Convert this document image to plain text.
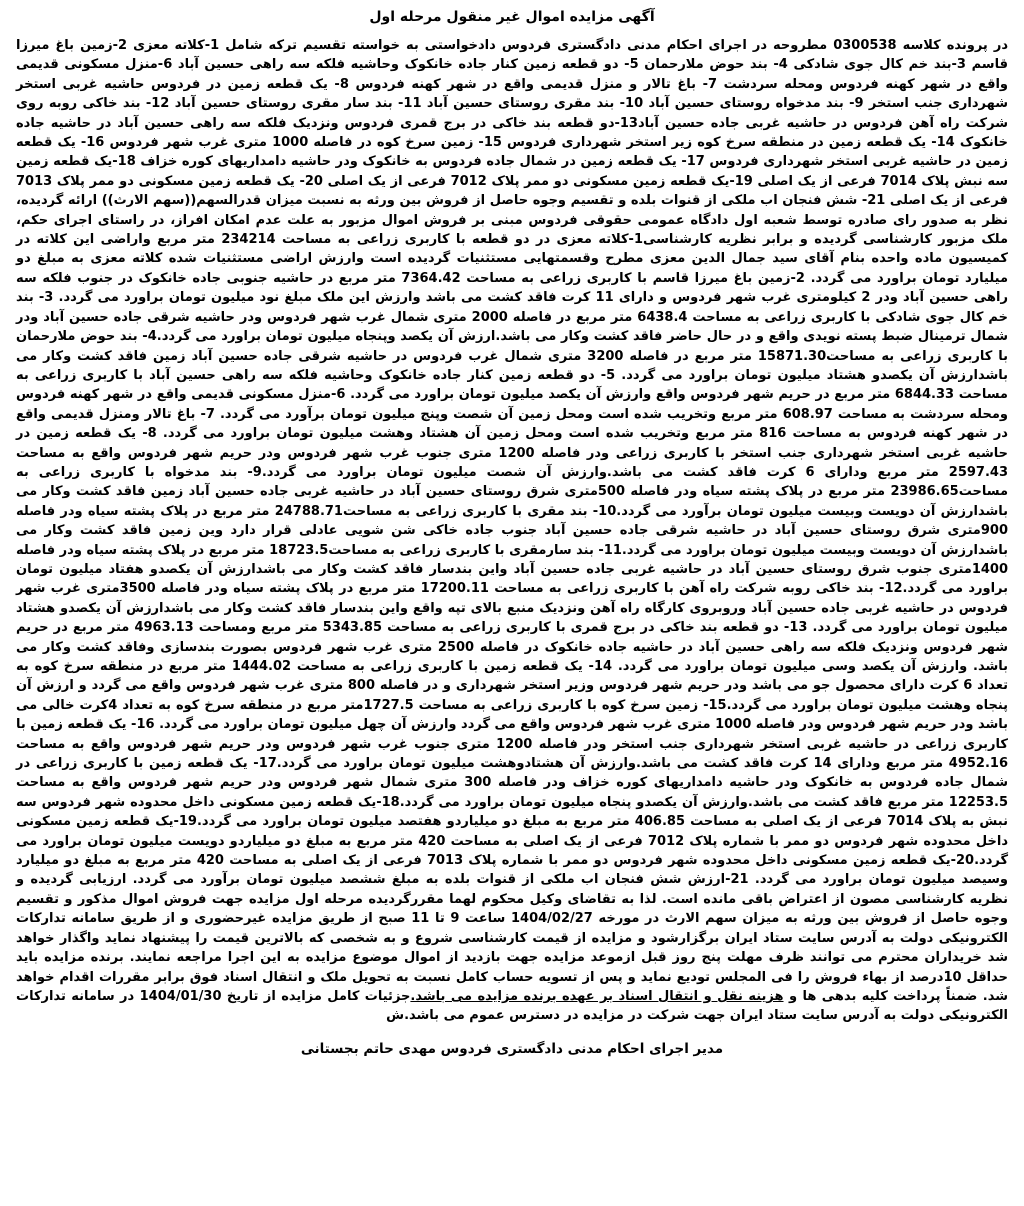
آگهی مزایده اموال غیر منقول مرحله اول

در پرونده کلاسه 0300538 مطروحه در اجرای احکام مدنی دادگستری فردوس دادخواستی به خواسته تقسیم ترکه شامل 1-کلاته معزی 2-زمین باغ میرزا قاسم 3-بند خم کال جوی شادکی 4- بند حوض ملارحمان 5- دو قطعه زمین کنار جاده خانکوک وحاشیه فلکه سه راهی حسین آباد 6-منزل مسکونی قدیمی واقع در شهر کهنه فردوس ومحله سردشت 7- باغ تالار و منزل قدیمی واقع در شهر کهنه فردوس 8- یک قطعه زمین در فردوس حاشیه غربی استخر شهرداری جنب استخر 9- بند مدخواه روستای حسین آباد 10- بند مقری روستای حسین آباد 11- بند سار مقری روستای حسین آباد 12- بند خاکی روبه روی شرکت راه آهن فردوس در حاشیه غربی جاده حسین آباد13-دو قطعه بند خاکی در برج قمری فردوس ونزدیک فلکه سه راهی حسین آباد در حاشیه جاده خانکوک 14- یک قطعه زمین در منطقه سرخ کوه زیر استخر شهرداری فردوس 15- زمین سرخ کوه در فاصله 1000 متری غرب شهر فردوس 16- یک قطعه زمین در حاشیه غربی استخر شهرداری فردوس 17- یک قطعه زمین در شمال جاده فردوس به خانکوک ودر حاشیه دامداریهای کوره خزاف 18-یک قطعه زمین سه نبش پلاک 7014 فرعی از یک اصلی 19-یک قطعه زمین مسکونی دو ممر پلاک 7012 فرعی از یک اصلی 20- یک قطعه زمین مسکونی دو ممر پلاک 7013 فرعی از یک اصلی 21- شش فنجان اب ملکی از قنوات بلده و تقسیم وجوه حاصل از فروش بین ورثه به نسبت میزان قدرالسهم((سهم الارث)) ارائه گردیده، نظر به صدور رای صادره توسط شعبه اول دادگاه عمومی حقوقی فردوس مبنی بر فروش اموال مزبور به علت عدم امکان افراز، در راستای اجرای حکم، ملک مزبور کارشناسی گردیده و برابر نظریه کارشناسی1-کلاته معزی در دو قطعه با کاربری زراعی به مساحت 234214 متر مربع واراضی این کلاته در کمیسیون ماده واحده بنام آقای سید جمال الدین معزی مطرح وقسمتهایی مستثنیات گردیده است وارزش اراضی مستثنیات شده کلاته معزی به مبلغ دو میلیارد تومان براورد می گردد. 2-زمین باغ میرزا قاسم با کاربری زراعی به مساحت 7364.42 متر مربع در حاشیه جنوبی جاده خانکوک در جنوب فلکه سه راهی حسین آباد ودر 2 کیلومتری غرب شهر فردوس و دارای 11 کرت فاقد کشت می باشد وارزش این ملک مبلغ نود میلیون تومان براورد می گردد. 3- بند خم کال جوی شادکی با کاربری زراعی به مساحت 6438.4 متر مربع در فاصله 2000 متری شمال غرب شهر فردوس ودر حاشیه شرقی جاده حسین آباد ودر شمال ترمینال ضبط پسته نویدی واقع و در حال حاضر فاقد کشت وکار می باشد.ارزش آن یکصد وپنجاه میلیون تومان براورد می گردد.4- بند حوض ملارحمان با کاربری زراعی به مساحت15871.30 متر مربع در فاصله 3200 متری شمال غرب فردوس در حاشیه شرقی جاده حسین آباد زمین فاقد کشت وکار می باشدارزش آن یکصدو هشتاد میلیون تومان براورد می گردد. 5- دو قطعه زمین کنار جاده خانکوک وحاشیه فلکه سه راهی حسین آباد با کاربری زراعی به مساحت 6844.33 متر مربع در حریم شهر فردوس واقع وارزش آن یکصد میلیون تومان براورد می گردد. 6-منزل مسکونی قدیمی واقع در شهر کهنه فردوس ومحله سردشت به مساحت 608.97 متر مربع وتخریب شده است ومحل زمین آن شصت وپنج میلیون تومان برآورد می گردد. 7- باغ تالار ومنزل قدیمی واقع در شهر کهنه فردوس به مساحت 816 متر مربع وتخریب شده است ومحل زمین آن هشتاد وهشت میلیون تومان براورد می گردد. 8- یک قطعه زمین در حاشیه غربی استخر شهرداری جنب استخر با کاربری زراعی ودر فاصله 1200 متری جنوب غرب شهر فردوس ودر حریم شهر فردوس واقع به مساحت 2597.43 متر مربع ودارای 6 کرت فاقد کشت می باشد.وارزش آن شصت میلیون تومان براورد می گردد.9- بند مدخواه با کاربری زراعی به مساحت23986.65 متر مربع در پلاک پشته سیاه ودر فاصله 500متری شرق روستای حسین آباد در حاشیه غربی جاده حسین آباد زمین فاقد کشت وکار می باشدارزش آن دویست وبیست میلیون تومان برآورد می گردد.10- بند مقری با کاربری زراعی به مساحت24788.71 متر مربع در پلاک پشته سیاه ودر فاصله 900متری شرق روستای حسین آباد در حاشیه شرقی جاده حسین آباد جنوب جاده خاکی شن شویی عادلی قرار دارد وین زمین فاقد کشت وکار می باشدارزش آن دویست وبیست میلیون تومان براورد می گردد.11- بند سارمقری با کاربری زراعی به مساحت18723.5 متر مربع در پلاک پشته سیاه ودر فاصله 1400متری جنوب شرق روستای حسین آباد در حاشیه غربی جاده حسین آباد واین بندسار فاقد کشت وکار می باشدارزش آن یکصدو هفتاد میلیون تومان براورد می گردد.12- بند خاکی روبه شرکت راه آهن با کاربری زراعی به مساحت 17200.11 متر مربع در پلاک پشته سیاه ودر فاصله 3500متری غرب شهر فردوس در حاشیه غربی جاده حسین آباد وروبروی کارگاه راه آهن ونزدیک منبع بالای تپه واقع واین بندسار فاقد کشت وکار می باشدارزش آن یکصدو هشتاد میلیون تومان براورد می گردد. 13- دو قطعه بند خاکی در برج قمری با کاربری زراعی به مساحت 5343.85 متر مربع ومساحت 4963.13 متر مربع در حریم شهر فردوس ونزدیک فلکه سه راهی حسین آباد در حاشیه جاده خانکوک در فاصله 2500 متری غرب شهر فردوس بصورت بندسازی وفاقد کشت وکار می باشد. وارزش آن یکصد وسی میلیون تومان براورد می گردد. 14- یک قطعه زمین با کاربری زراعی به مساحت 1444.02 متر مربع در منطقه سرخ کوه به تعداد 6 کرت دارای محصول جو می باشد ودر حریم شهر فردوس وزیر استخر شهرداری و در فاصله 800 متری غرب شهر فردوس واقع می گردد و ارزش آن پنجاه وهشت میلیون تومان براورد می گردد.15- زمین سرخ کوه با کاربری زراعی به مساحت 1727.5متر مربع در منطقه سرخ کوه به تعداد 4کرت خالی می باشد ودر حریم شهر فردوس ودر فاصله 1000 متری غرب شهر فردوس واقع می گردد وارزش آن چهل میلیون تومان براورد می گردد. 16- یک قطعه زمین با کاربری زراعی در حاشیه غربی استخر شهرداری جنب استخر ودر فاصله 1200 متری جنوب غرب شهر فردوس ودر حریم شهر فردوس واقع به مساحت 4952.16 متر مربع ودارای 14 کرت فاقد کشت می باشد.وارزش آن هشتادوهشت میلیون تومان براورد می گردد.17- یک قطعه زمین با کاربری زراعی در شمال جاده فردوس به خانکوک ودر حاشیه دامداریهای کوره خزاف ودر فاصله 300 متری شمال شهر فردوس ودر حریم شهر فردوس واقع به مساحت 12253.5 متر مربع فاقد کشت می باشد.وارزش آن یکصدو پنجاه میلیون تومان براورد می گردد.18-یک قطعه زمین مسکونی داخل محدوده شهر فردوس سه نبش به پلاک 7014 فرعی از یک اصلی به مساحت 406.85 متر مربع به مبلغ دو میلیاردو هفتصد میلیون تومان براورد می گردد.19-یک قطعه زمین مسکونی داخل محدوده شهر فردوس دو ممر با شماره پلاک 7012 فرعی از یک اصلی به مساحت 420 متر مربع به مبلغ دو میلیاردو دویست میلیون تومان براورد می گردد.20-یک قطعه زمین مسکونی داخل محدوده شهر فردوس دو ممر با شماره پلاک 7013 فرعی از یک اصلی به مساحت 420 متر مربع به مبلغ دو میلیارد وسیصد میلیون تومان براورد می گردد. 21-ارزش شش فنجان اب ملکی از قنوات بلده به مبلغ ششصد میلیون تومان برآورد می گردد. ارزیابی گردیده و نظریه کارشناسی مصون از اعتراض باقی مانده است. لذا به تقاضای وکیل محکوم لهما مقررگردیده مرحله اول مزایده جهت فروش اموال مذکور و تقسیم وجوه حاصل از فروش بین ورثه به میزان سهم الارث در مورخه 1404/02/27 ساعت 9 تا 11 صبح از طریق مزایده غیرحضوری و از طریق سامانه تدارکات الکترونیکی دولت به آدرس سایت ستاد ایران برگزارشود و مزایده از قیمت کارشناسی شروع و به شخصی که بالاترین قیمت را پیشنهاد نماید واگذار خواهد شد خریداران محترم می توانند ظرف مهلت پنج روز قبل ازموعد مزایده جهت بازدید از اموال موضوع مزایده به این اجرا مراجعه نمایند. برنده مزایده باید حداقل 10درصد از بهاء فروش را فی المجلس تودیع نماید و پس از تسویه حساب کامل نسبت به تحویل ملک و انتقال اسناد فوق برابر مقررات اقدام خواهد شد. ضمناً پرداخت کلیه بدهی ها و هزینه نقل و انتقال اسناد بر عهده برنده مزایده می باشد.جزئیات کامل مزایده از تاریخ 1404/01/30 در سامانه تدارکات الکترونیکی دولت به آدرس سایت ستاد ایران جهت شرکت در مزایده در دسترس عموم می باشد.ش

مدیر اجرای احکام مدنی دادگستری فردوس مهدی حاتم بجستانی
